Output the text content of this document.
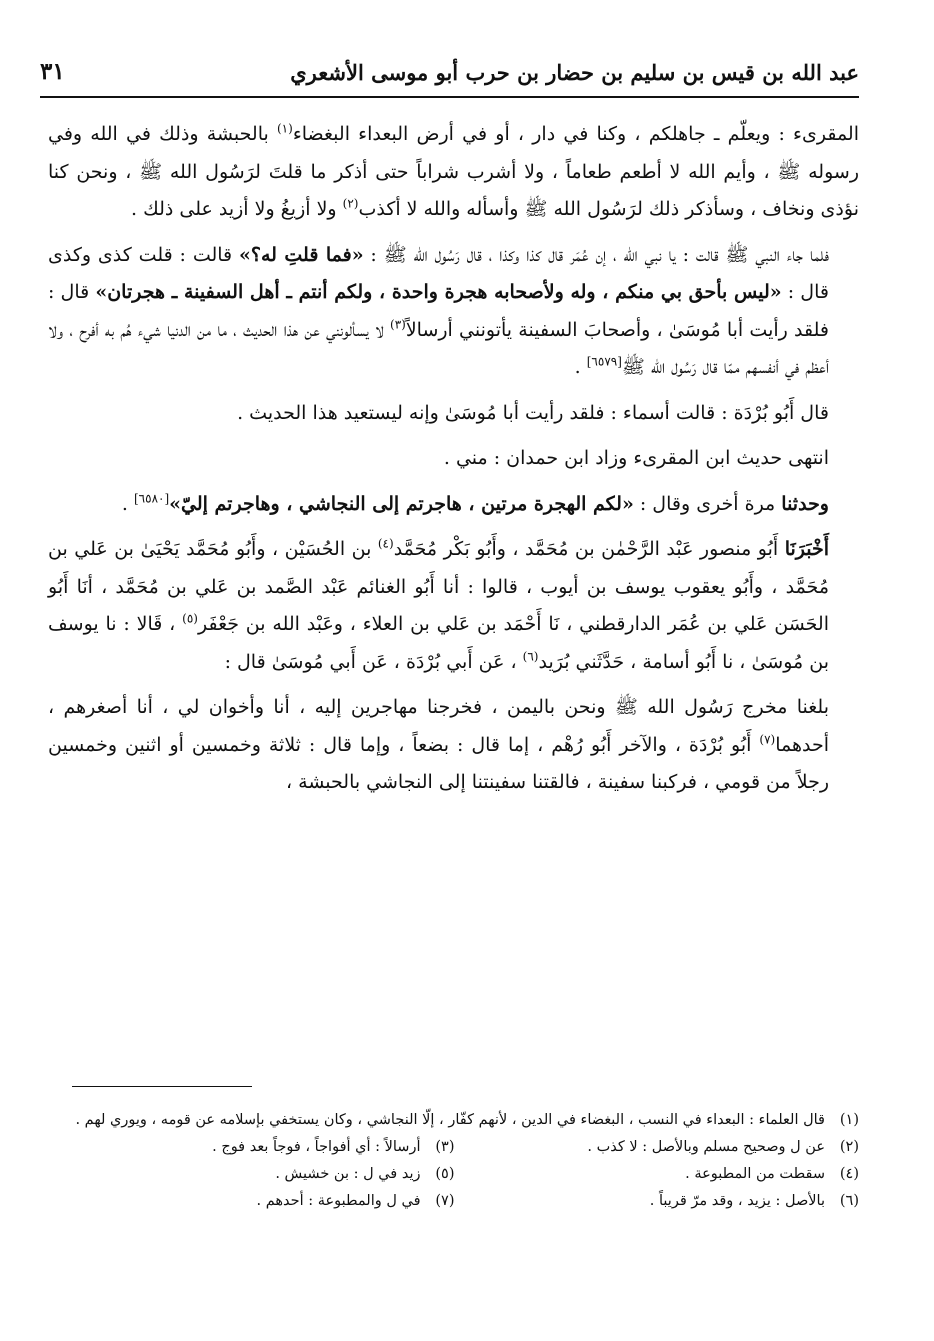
عبد الله بن قيس بن سليم بن حضار بن حرب أبو موسى الأشعري
٣١

المقرىء : ويعلّم ـ جاهلكم ، وكنا في دار ، أو في أرض البعداء البغضاء$^{(١)}$ بالحبشة وذلك في الله وفي رسوله ﷺ ، وأيم الله لا أطعم طعاماً ، ولا أشرب شراباً حتى أذكر ما قلتَ لرَسُول الله ﷺ ، ونحن كنا نؤذى ونخاف ، وسأذكر ذلك لرَسُول الله ﷺ وأسأله والله لا أكذب$^{(٢)}$ ولا أزيغُ ولا أزيد على ذلك .

فلما جاء النبي ﷺ قالت : يا نبي الله ، إن عُمَر قال كذا وكذا ، قال رَسُول الله ﷺ : «فما قلتِ له؟» قالت : قلت كذى وكذى قال : «ليس بأحق بي منكم ، وله ولأصحابه هجرة واحدة ، ولكم أنتم ـ أهل السفينة ـ هجرتان» قال : فلقد رأيت أبا مُوسَىٰ ، وأصحابَ السفينة يأتونني أرسالاً$^{(٣)}$ لا يسألونني عن هذا الحديث ، ما من الدنيا شيء هُم به أفرح ، ولا أعظم في أنفسهم ممّا قال رَسُول الله ﷺ[٦٥٧٩] .

قال أَبُو بُرْدَة : قالت أسماء : فلقد رأيت أبا مُوسَىٰ وإنه ليستعيد هذا الحديث .

انتهى حديث ابن المقرىء وزاد ابن حمدان : مني .

وحدثنا مرة أخرى وقال : «لكم الهجرة مرتين ، هاجرتم إلى النجاشي ، وهاجرتم إليّ»[٦٥٨٠] .

أَخْبَرَنَا أَبُو منصور عَبْد الرَّحْمٰن بن مُحَمَّد ، وأَبُو بَكْر مُحَمَّد$^{(٤)}$ بن الحُسَيْن ، وأَبُو مُحَمَّد يَحْيَىٰ بن عَلي بن مُحَمَّد ، وأَبُو يعقوب يوسف بن أيوب ، قالوا : أنا أَبُو الغنائم عَبْد الصَّمد بن عَلي بن مُحَمَّد ، أنَا أَبُو الحَسَن عَلي بن عُمَر الدارقطني ، نَا أَحْمَد بن عَلي بن العلاء ، وعَبْد الله بن جَعْفَر$^{(٥)}$ ، قَالا : نا يوسف بن مُوسَىٰ ، نا أَبُو أسامة ، حَدَّثَني بُرَيد$^{(٦)}$ ، عَن أَبي بُرْدَة ، عَن أَبي مُوسَىٰ قال :

بلغنا مخرج رَسُول الله ﷺ ونحن باليمن ، فخرجنا مهاجرين إليه ، أنا وأخوان لي ، أنا أصغرهم ، أحدهما$^{(٧)}$ أَبُو بُرْدَة ، والآخر أَبُو رُهْم ، إما قال : بضعاً ، وإما قال : ثلاثة وخمسين أو اثنين وخمسين رجلاً من قومي ، فركبنا سفينة ، فالقتنا سفينتنا إلى النجاشي بالحبشة ،

(١)قال العلماء : البعداء في النسب ، البغضاء في الدين ، لأنهم كفّار ، إلّا النجاشي ، وكان يستخفي بإسلامه عن قومه ، ويوري لهم .
(٢)عن ل وصحيح مسلم وبالأصل : لا كذب .
(٣)أرسالاً : أي أفواجاً ، فوجاً بعد فوج .
(٤)سقطت من المطبوعة .
(٥)زيد في ل : بن خشيش .
(٦)بالأصل : يزيد ، وقد مرّ قريباً .
(٧)في ل والمطبوعة : أحدهم .
